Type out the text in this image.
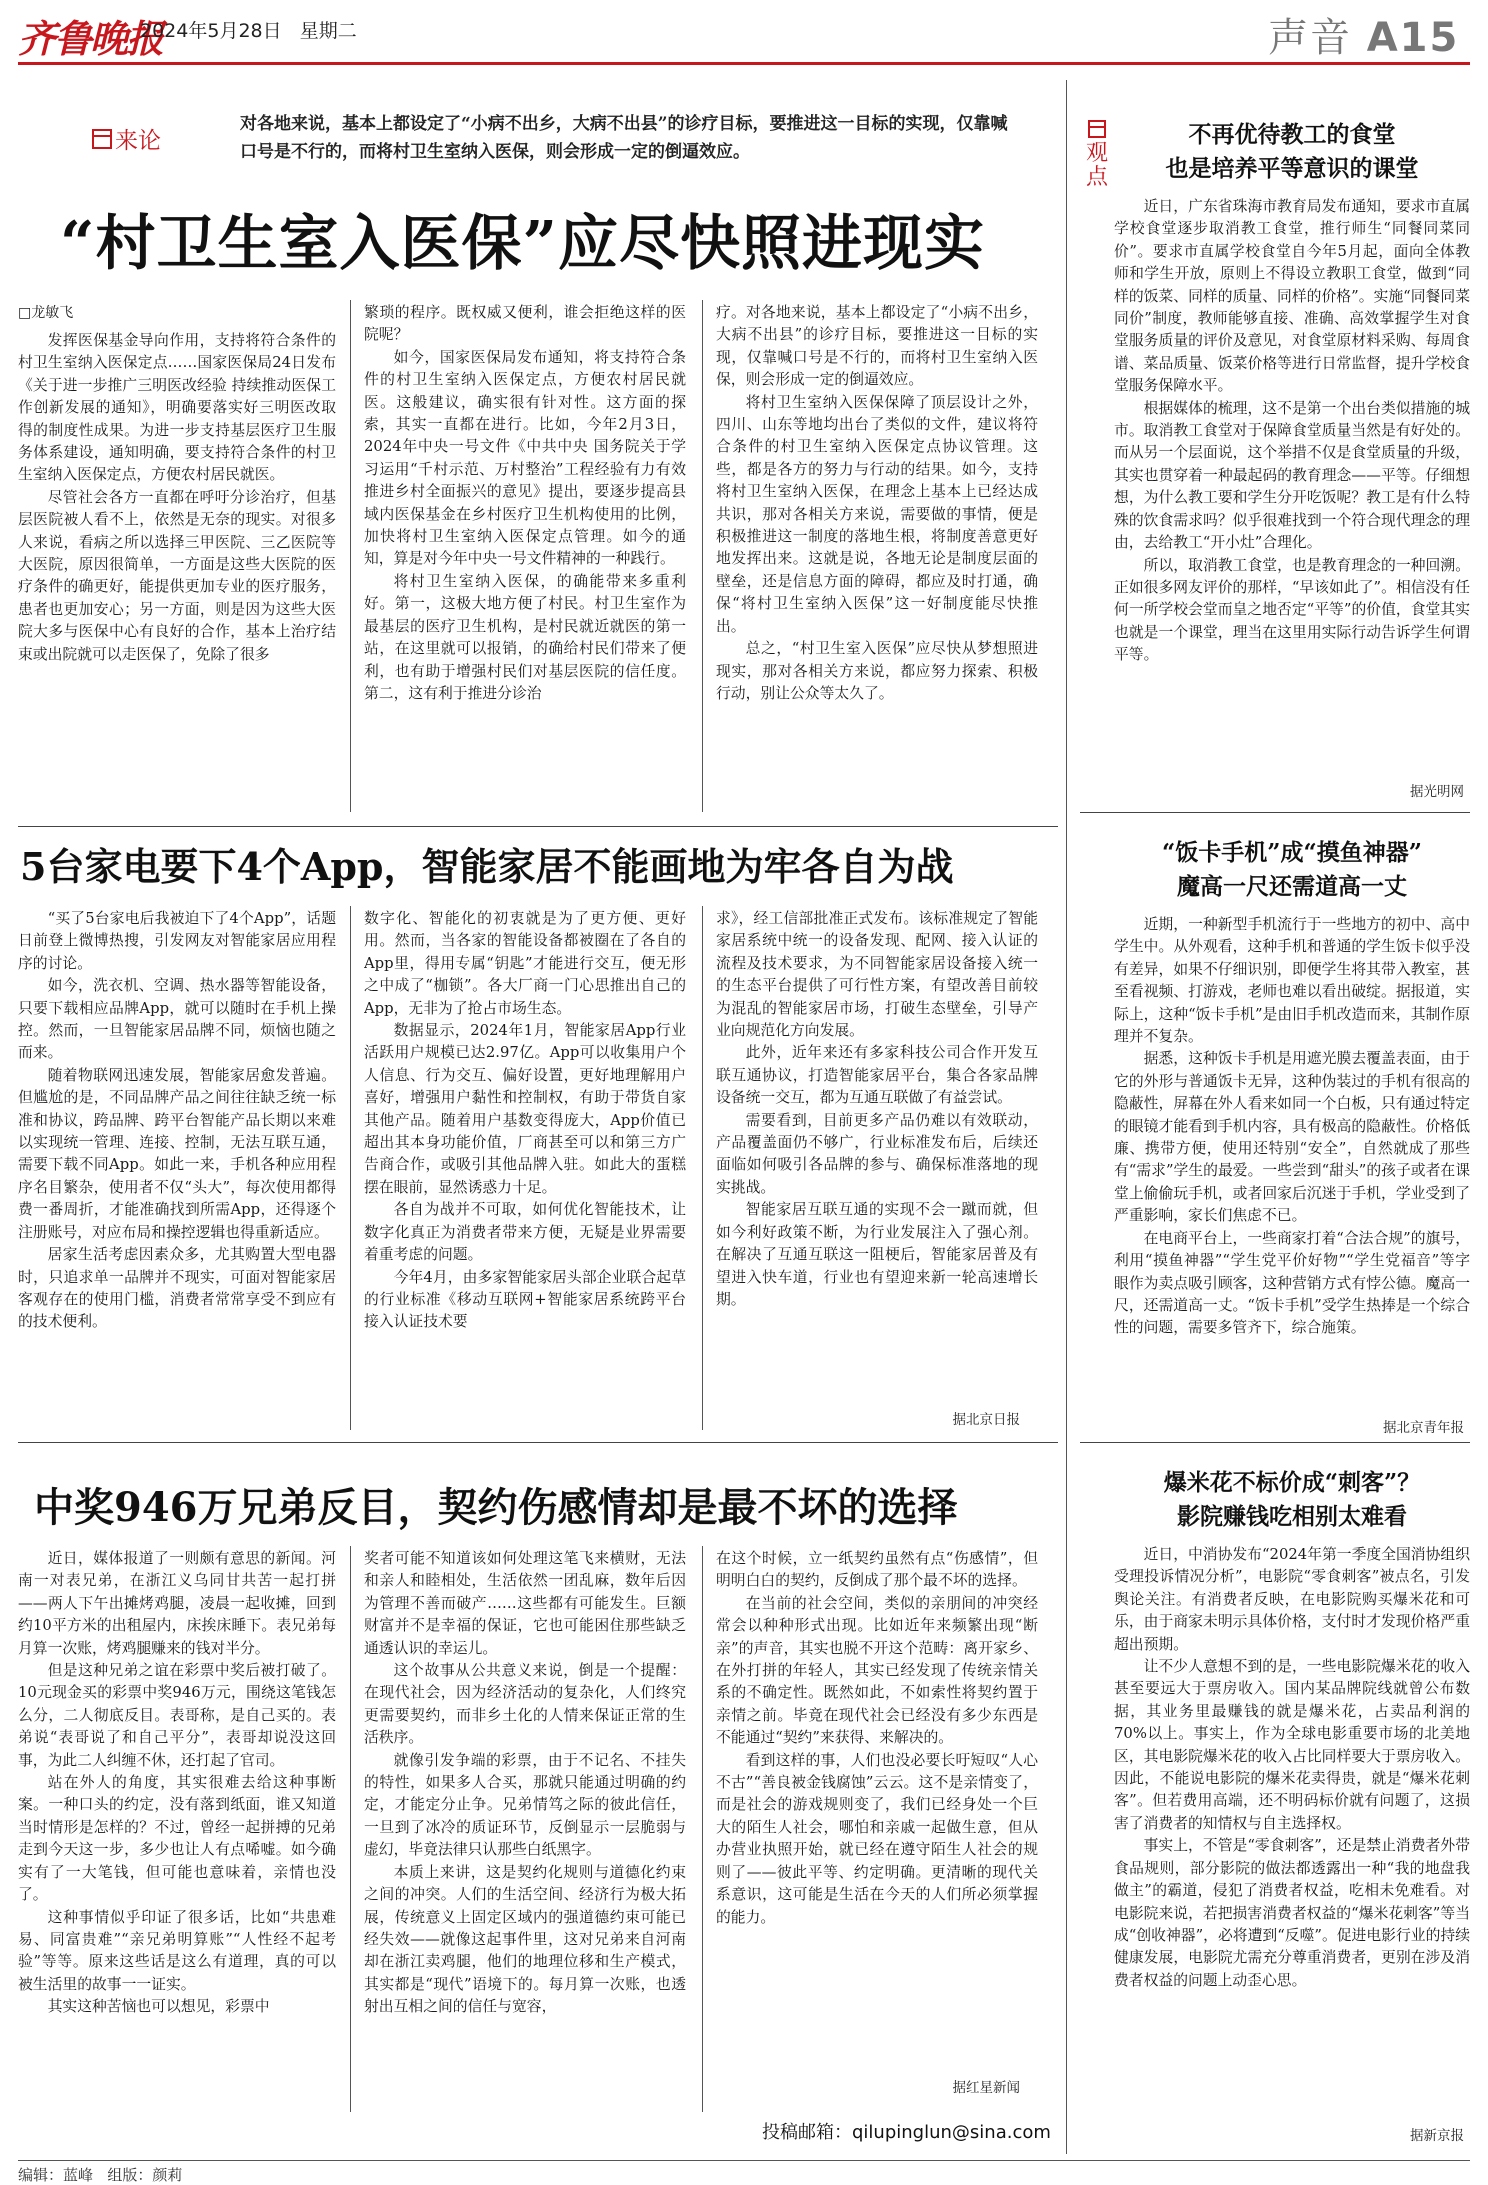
齐鲁晚报
2024年5月28日 星期二	声音 A15
来论
对各地来说，基本上都设定了“小病不出乡，大病不出县”的诊疗目标，要推进这一目标的实现，仅靠喊口号是不行的，而将村卫生室纳入医保，则会形成一定的倒逼效应。
“村卫生室入医保”应尽快照进现实
□龙敏飞

发挥医保基金导向作用，支持将符合条件的村卫生室纳入医保定点……国家医保局24日发布《关于进一步推广三明医改经验 持续推动医保工作创新发展的通知》，明确要落实好三明医改取得的制度性成果。为进一步支持基层医疗卫生服务体系建设，通知明确，要支持符合条件的村卫生室纳入医保定点，方便农村居民就医。

尽管社会各方一直都在呼吁分诊治疗，但基层医院被人看不上，依然是无奈的现实。对很多人来说，看病之所以选择三甲医院、三乙医院等大医院，原因很简单，一方面是这些大医院的医疗条件的确更好，能提供更加专业的医疗服务，患者也更加安心；另一方面，则是因为这些大医院大多与医保中心有良好的合作，基本上治疗结束或出院就可以走医保了，免除了很多

繁琐的程序。既权威又便利，谁会拒绝这样的医院呢？

如今，国家医保局发布通知，将支持符合条件的村卫生室纳入医保定点，方便农村居民就医。这般建议，确实很有针对性。这方面的探索，其实一直都在进行。比如，今年2月3日，2024年中央一号文件《中共中央 国务院关于学习运用“千村示范、万村整治”工程经验有力有效推进乡村全面振兴的意见》提出，要逐步提高县域内医保基金在乡村医疗卫生机构使用的比例，加快将村卫生室纳入医保定点管理。如今的通知，算是对今年中央一号文件精神的一种践行。

将村卫生室纳入医保，的确能带来多重利好。第一，这极大地方便了村民。村卫生室作为最基层的医疗卫生机构，是村民就近就医的第一站，在这里就可以报销，的确给村民们带来了便利，也有助于增强村民们对基层医院的信任度。第二，这有利于推进分诊治

疗。对各地来说，基本上都设定了“小病不出乡，大病不出县”的诊疗目标，要推进这一目标的实现，仅靠喊口号是不行的，而将村卫生室纳入医保，则会形成一定的倒逼效应。

将村卫生室纳入医保保障了顶层设计之外，四川、山东等地均出台了类似的文件，建议将符合条件的村卫生室纳入医保定点协议管理。这些，都是各方的努力与行动的结果。如今，支持将村卫生室纳入医保，在理念上基本上已经达成共识，那对各相关方来说，需要做的事情，便是积极推进这一制度的落地生根，将制度善意更好地发挥出来。这就是说，各地无论是制度层面的壁垒，还是信息方面的障碍，都应及时打通，确保“将村卫生室纳入医保”这一好制度能尽快推出。

总之，“村卫生室入医保”应尽快从梦想照进现实，那对各相关方来说，都应努力探索、积极行动，别让公众等太久了。

5台家电要下4个App，智能家居不能画地为牢各自为战

“买了5台家电后我被迫下了4个App”，话题日前登上微博热搜，引发网友对智能家居应用程序的讨论。

如今，洗衣机、空调、热水器等智能设备，只要下载相应品牌App，就可以随时在手机上操控。然而，一旦智能家居品牌不同，烦恼也随之而来。

随着物联网迅速发展，智能家居愈发普遍。但尴尬的是，不同品牌产品之间往往缺乏统一标准和协议，跨品牌、跨平台智能产品长期以来难以实现统一管理、连接、控制，无法互联互通，需要下载不同App。如此一来，手机各种应用程序名目繁杂，使用者不仅“头大”，每次使用都得费一番周折，才能准确找到所需App，还得逐个注册账号，对应布局和操控逻辑也得重新适应。

居家生活考虑因素众多，尤其购置大型电器时，只追求单一品牌并不现实，可面对智能家居客观存在的使用门槛，消费者常常享受不到应有的技术便利。

数字化、智能化的初衷就是为了更方便、更好用。然而，当各家的智能设备都被圈在了各自的App里，得用专属“钥匙”才能进行交互，便无形之中成了“枷锁”。各大厂商一门心思推出自己的App，无非为了抢占市场生态。

数据显示，2024年1月，智能家居App行业活跃用户规模已达2.97亿。App可以收集用户个人信息、行为交互、偏好设置，更好地理解用户喜好，增强用户黏性和控制权，有助于带货自家其他产品。随着用户基数变得庞大，App价值已超出其本身功能价值，厂商甚至可以和第三方广告商合作，或吸引其他品牌入驻。如此大的蛋糕摆在眼前，显然诱惑力十足。

各自为战并不可取，如何优化智能技术，让数字化真正为消费者带来方便，无疑是业界需要着重考虑的问题。

今年4月，由多家智能家居头部企业联合起草的行业标准《移动互联网+智能家居系统跨平台接入认证技术要

求》，经工信部批准正式发布。该标准规定了智能家居系统中统一的设备发现、配网、接入认证的流程及技术要求，为不同智能家居设备接入统一的生态平台提供了可行性方案，有望改善目前较为混乱的智能家居市场，打破生态壁垒，引导产业向规范化方向发展。

此外，近年来还有多家科技公司合作开发互联互通协议，打造智能家居平台，集合各家品牌设备统一交互，都为互通互联做了有益尝试。

需要看到，目前更多产品仍难以有效联动，产品覆盖面仍不够广，行业标准发布后，后续还面临如何吸引各品牌的参与、确保标准落地的现实挑战。

智能家居互联互通的实现不会一蹴而就，但如今利好政策不断，为行业发展注入了强心剂。在解决了互通互联这一阻梗后，智能家居普及有望进入快车道，行业也有望迎来新一轮高速增长期。

据北京日报
中奖946万兄弟反目，契约伤感情却是最不坏的选择

近日，媒体报道了一则颇有意思的新闻。河南一对表兄弟，在浙江义乌同甘共苦一起打拼——两人下午出摊烤鸡腿，凌晨一起收摊，回到约10平方米的出租屋内，床挨床睡下。表兄弟每月算一次账，烤鸡腿赚来的钱对半分。

但是这种兄弟之谊在彩票中奖后被打破了。10元现金买的彩票中奖946万元，围绕这笔钱怎么分，二人彻底反目。表哥称，是自己买的。表弟说“表哥说了和自己平分”，表哥却说没这回事，为此二人纠缠不休，还打起了官司。

站在外人的角度，其实很难去给这种事断案。一种口头的约定，没有落到纸面，谁又知道当时情形是怎样的？不过，曾经一起拼搏的兄弟走到今天这一步，多少也让人有点唏嘘。如今确实有了一大笔钱，但可能也意味着，亲情也没了。

这种事情似乎印证了很多话，比如“共患难易、同富贵难”“亲兄弟明算账”“人性经不起考验”等等。原来这些话是这么有道理，真的可以被生活里的故事一一证实。

其实这种苦恼也可以想见，彩票中

奖者可能不知道该如何处理这笔飞来横财，无法和亲人和睦相处，生活依然一团乱麻，数年后因为管理不善而破产……这些都有可能发生。巨额财富并不是幸福的保证，它也可能困住那些缺乏通透认识的幸运儿。

这个故事从公共意义来说，倒是一个提醒：在现代社会，因为经济活动的复杂化，人们终究更需要契约，而非乡土化的人情来保证正常的生活秩序。

就像引发争端的彩票，由于不记名、不挂失的特性，如果多人合买，那就只能通过明确的约定，才能定分止争。兄弟情笃之际的彼此信任，一旦到了冰冷的质证环节，反倒显示一层脆弱与虚幻，毕竟法律只认那些白纸黑字。

本质上来讲，这是契约化规则与道德化约束之间的冲突。人们的生活空间、经济行为极大拓展，传统意义上固定区域内的强道德约束可能已经失效——就像这起事件里，这对兄弟来自河南却在浙江卖鸡腿，他们的地理位移和生产模式，其实都是“现代”语境下的。每月算一次账，也透射出互相之间的信任与宽容，

在这个时候，立一纸契约虽然有点“伤感情”，但明明白白的契约，反倒成了那个最不坏的选择。

在当前的社会空间，类似的亲朋间的冲突经常会以种种形式出现。比如近年来频繁出现“断亲”的声音，其实也脱不开这个范畴：离开家乡、在外打拼的年轻人，其实已经发现了传统亲情关系的不确定性。既然如此，不如索性将契约置于亲情之前。毕竟在现代社会已经没有多少东西是不能通过“契约”来获得、来解决的。

看到这样的事，人们也没必要长吁短叹“人心不古”“善良被金钱腐蚀”云云。这不是亲情变了，而是社会的游戏规则变了，我们已经身处一个巨大的陌生人社会，哪怕和亲戚一起做生意，但从办营业执照开始，就已经在遵守陌生人社会的规则了——彼此平等、约定明确。更清晰的现代关系意识，这可能是生活在今天的人们所必须掌握的能力。

据红星新闻
投稿邮箱：qilupinglun@sina.com
观
点
不再优待教工的食堂
也是培养平等意识的课堂

近日，广东省珠海市教育局发布通知，要求市直属学校食堂逐步取消教工食堂，推行师生“同餐同菜同价”。要求市直属学校食堂自今年5月起，面向全体教师和学生开放，原则上不得设立教职工食堂，做到“同样的饭菜、同样的质量、同样的价格”。实施“同餐同菜同价”制度，教师能够直接、准确、高效掌握学生对食堂服务质量的评价及意见，对食堂原材料采购、每周食谱、菜品质量、饭菜价格等进行日常监督，提升学校食堂服务保障水平。

根据媒体的梳理，这不是第一个出台类似措施的城市。取消教工食堂对于保障食堂质量当然是有好处的。而从另一个层面说，这个举措不仅是食堂质量的升级，其实也贯穿着一种最起码的教育理念——平等。仔细想想，为什么教工要和学生分开吃饭呢？教工是有什么特殊的饮食需求吗？似乎很难找到一个符合现代理念的理由，去给教工“开小灶”合理化。

所以，取消教工食堂，也是教育理念的一种回溯。正如很多网友评价的那样，“早该如此了”。相信没有任何一所学校会堂而皇之地否定“平等”的价值，食堂其实也就是一个课堂，理当在这里用实际行动告诉学生何谓平等。

据光明网
“饭卡手机”成“摸鱼神器”
魔高一尺还需道高一丈

近期，一种新型手机流行于一些地方的初中、高中学生中。从外观看，这种手机和普通的学生饭卡似乎没有差异，如果不仔细识别，即便学生将其带入教室，甚至看视频、打游戏，老师也难以看出破绽。据报道，实际上，这种“饭卡手机”是由旧手机改造而来，其制作原理并不复杂。

据悉，这种饭卡手机是用遮光膜去覆盖表面，由于它的外形与普通饭卡无异，这种伪装过的手机有很高的隐蔽性，屏幕在外人看来如同一个白板，只有通过特定的眼镜才能看到手机内容，具有极高的隐蔽性。价格低廉、携带方便，使用还特别“安全”，自然就成了那些有“需求”学生的最爱。一些尝到“甜头”的孩子或者在课堂上偷偷玩手机，或者回家后沉迷于手机，学业受到了严重影响，家长们焦虑不已。

在电商平台上，一些商家打着“合法合规”的旗号，利用“摸鱼神器”“学生党平价好物”“学生党福音”等字眼作为卖点吸引顾客，这种营销方式有悖公德。魔高一尺，还需道高一丈。“饭卡手机”受学生热捧是一个综合性的问题，需要多管齐下，综合施策。

据北京青年报
爆米花不标价成“刺客”？
影院赚钱吃相别太难看

近日，中消协发布“2024年第一季度全国消协组织受理投诉情况分析”，电影院“零食刺客”被点名，引发舆论关注。有消费者反映，在电影院购买爆米花和可乐，由于商家未明示具体价格，支付时才发现价格严重超出预期。

让不少人意想不到的是，一些电影院爆米花的收入甚至要远大于票房收入。国内某品牌院线就曾公布数据，其业务里最赚钱的就是爆米花，占卖品利润的70%以上。事实上，作为全球电影重要市场的北美地区，其电影院爆米花的收入占比同样要大于票房收入。因此，不能说电影院的爆米花卖得贵，就是“爆米花刺客”。但若费用高端，还不明码标价就有问题了，这损害了消费者的知情权与自主选择权。

事实上，不管是“零食刺客”，还是禁止消费者外带食品规则，部分影院的做法都透露出一种“我的地盘我做主”的霸道，侵犯了消费者权益，吃相未免难看。对电影院来说，若把损害消费者权益的“爆米花刺客”等当成“创收神器”，必将遭到“反噬”。促进电影行业的持续健康发展，电影院尤需充分尊重消费者，更别在涉及消费者权益的问题上动歪心思。

据新京报
编辑：蓝峰 组版：颜莉
